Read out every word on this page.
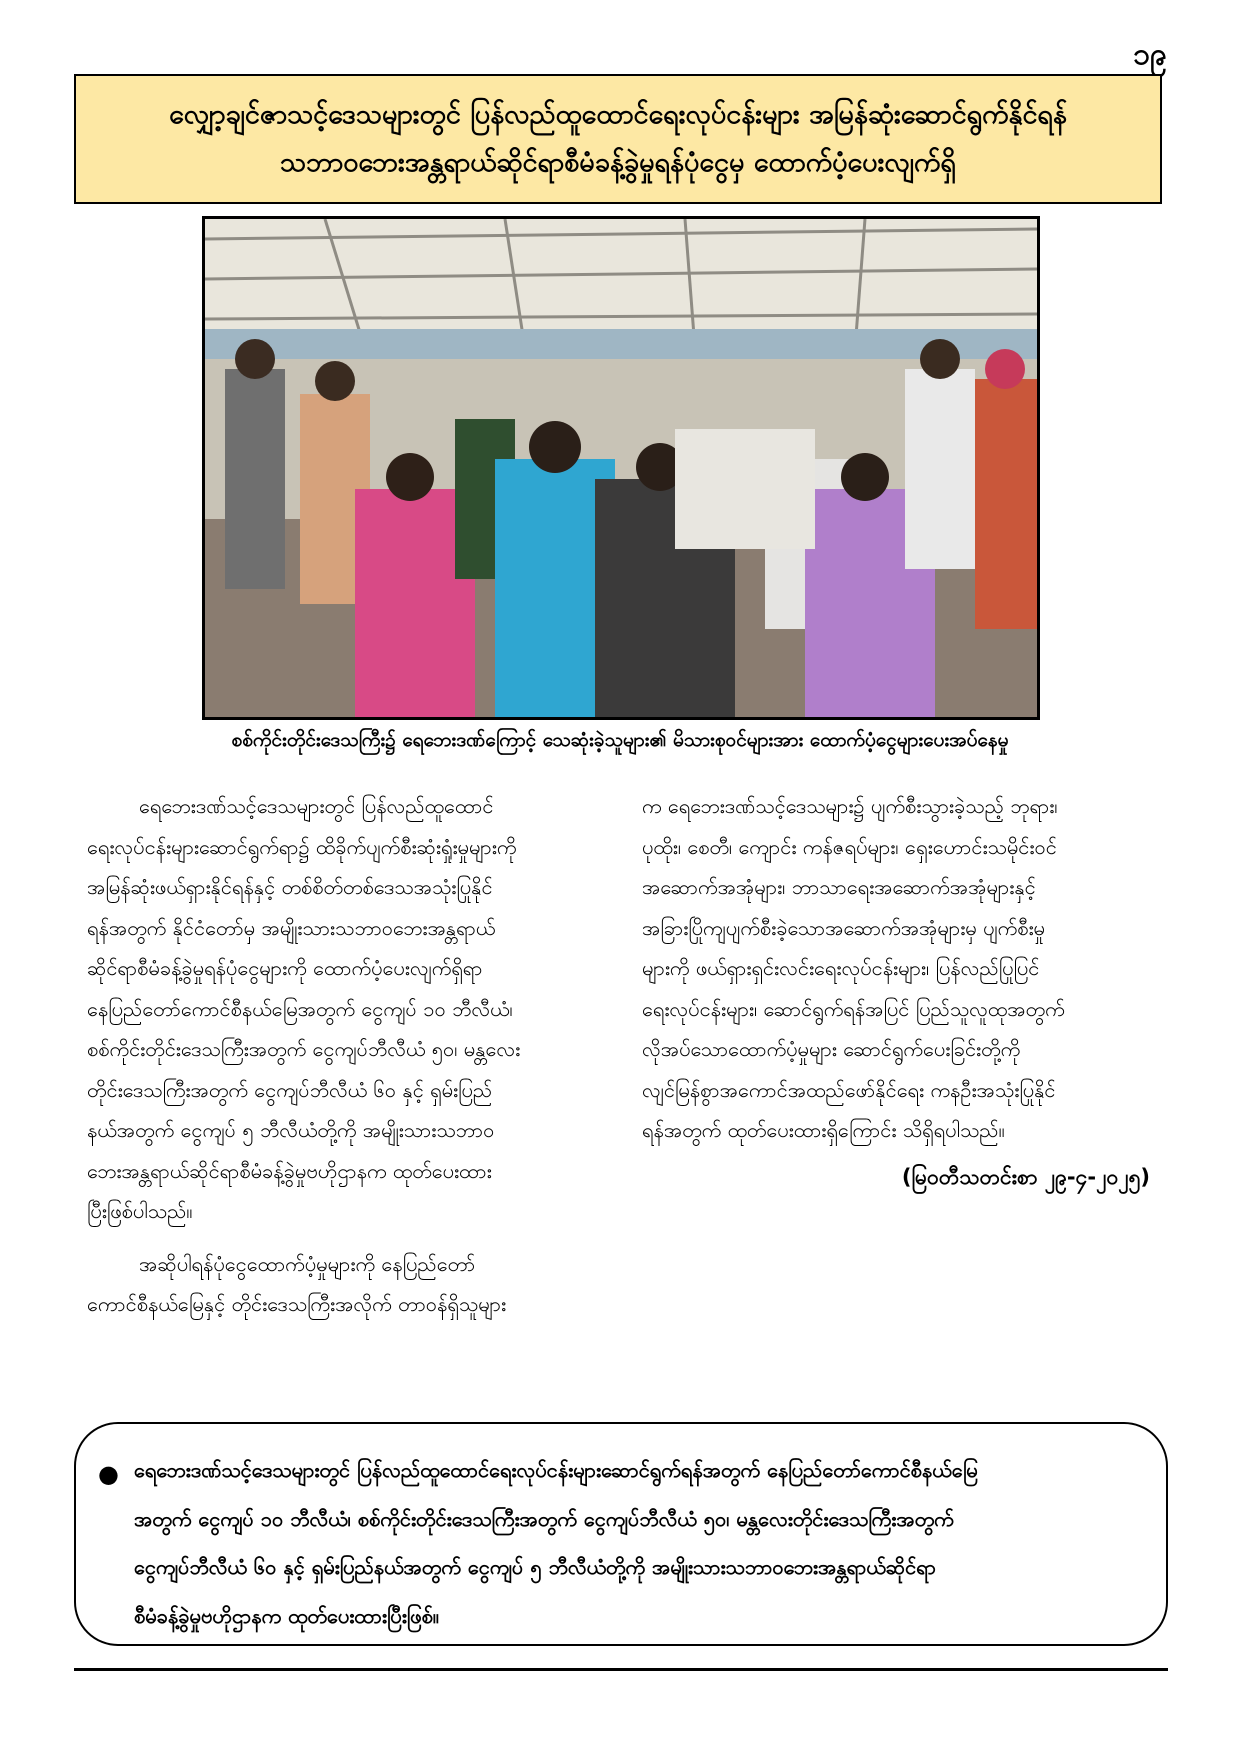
၁၉
လျှော့ချင်ဇာသင့်ဒေသများတွင် ပြန်လည်ထူထောင်ရေးလုပ်ငန်းများ အမြန်ဆုံးဆောင်ရွက်နိုင်ရန်
သဘာဝဘေးအန္တရာယ်ဆိုင်ရာစီမံခန့်ခွဲမှုရန်ပုံငွေမှ ထောက်ပံ့ပေးလျက်ရှိ
စစ်ကိုင်းတိုင်းဒေသကြီး၌ ရေဘေးဒဏ်ကြောင့် သေဆုံးခဲ့သူများ၏ မိသားစုဝင်များအား ထောက်ပံ့ငွေများပေးအပ်နေမှု

ရေဘေးဒဏ်သင့်ဒေသများတွင် ပြန်လည်ထူထောင်
ရေးလုပ်ငန်းများဆောင်ရွက်ရာ၌ ထိခိုက်ပျက်စီးဆုံးရှုံးမှုများကို
အမြန်ဆုံးဖယ်ရှားနိုင်ရန်နှင့် တစ်စိတ်တစ်ဒေသအသုံးပြုနိုင်
ရန်အတွက် နိုင်ငံတော်မှ အမျိုးသားသဘာဝဘေးအန္တရာယ်
ဆိုင်ရာစီမံခန့်ခွဲမှုရန်ပုံငွေများကို ထောက်ပံ့ပေးလျက်ရှိရာ
နေပြည်တော်ကောင်စီနယ်မြေအတွက် ငွေကျပ် ၁၀ ဘီလီယံ၊
စစ်ကိုင်းတိုင်းဒေသကြီးအတွက် ငွေကျပ်ဘီလီယံ ၅၀၊ မန္တလေး
တိုင်းဒေသကြီးအတွက် ငွေကျပ်ဘီလီယံ ၆၀ နှင့် ရှမ်းပြည်
နယ်အတွက် ငွေကျပ် ၅ ဘီလီယံတို့ကို အမျိုးသားသဘာဝ
ဘေးအန္တရာယ်ဆိုင်ရာစီမံခန့်ခွဲမှုဗဟိုဌာနက ထုတ်ပေးထား
ပြီးဖြစ်ပါသည်။

အဆိုပါရန်ပုံငွေထောက်ပံ့မှုများကို နေပြည်တော်
ကောင်စီနယ်မြေနှင့် တိုင်းဒေသကြီးအလိုက် တာဝန်ရှိသူများ

က ရေဘေးဒဏ်သင့်ဒေသများ၌ ပျက်စီးသွားခဲ့သည့် ဘုရား၊
ပုထိုး၊ စေတီ၊ ကျောင်း ကန်ဇရပ်များ၊ ရှေးဟောင်းသမိုင်းဝင်
အဆောက်အအုံများ၊ ဘာသာရေးအဆောက်အအုံများနှင့်
အခြားပြိုကျပျက်စီးခဲ့သောအဆောက်အအုံများမှ ပျက်စီးမှု
များကို ဖယ်ရှားရှင်းလင်းရေးလုပ်ငန်းများ၊ ပြန်လည်ပြုပြင်
ရေးလုပ်ငန်းများ၊ ဆောင်ရွက်ရန်အပြင် ပြည်သူလူထုအတွက်
လိုအပ်သောထောက်ပံ့မှုများ ဆောင်ရွက်ပေးခြင်းတို့ကို
လျင်မြန်စွာအကောင်အထည်ဖော်နိုင်ရေး ကနဦးအသုံးပြုနိုင်
ရန်အတွက် ထုတ်ပေးထားရှိကြောင်း သိရှိရပါသည်။

(မြဝတီသတင်းစာ ၂၉-၄-၂၀၂၅)
● ရေဘေးဒဏ်သင့်ဒေသများတွင် ပြန်လည်ထူထောင်ရေးလုပ်ငန်းများဆောင်ရွက်ရန်အတွက် နေပြည်တော်ကောင်စီနယ်မြေ
အတွက် ငွေကျပ် ၁၀ ဘီလီယံ၊ စစ်ကိုင်းတိုင်းဒေသကြီးအတွက် ငွေကျပ်ဘီလီယံ ၅၀၊ မန္တလေးတိုင်းဒေသကြီးအတွက်
ငွေကျပ်ဘီလီယံ ၆၀ နှင့် ရှမ်းပြည်နယ်အတွက် ငွေကျပ် ၅ ဘီလီယံတို့ကို အမျိုးသားသဘာဝဘေးအန္တရာယ်ဆိုင်ရာ
စီမံခန့်ခွဲမှုဗဟိုဌာနက ထုတ်ပေးထားပြီးဖြစ်။
